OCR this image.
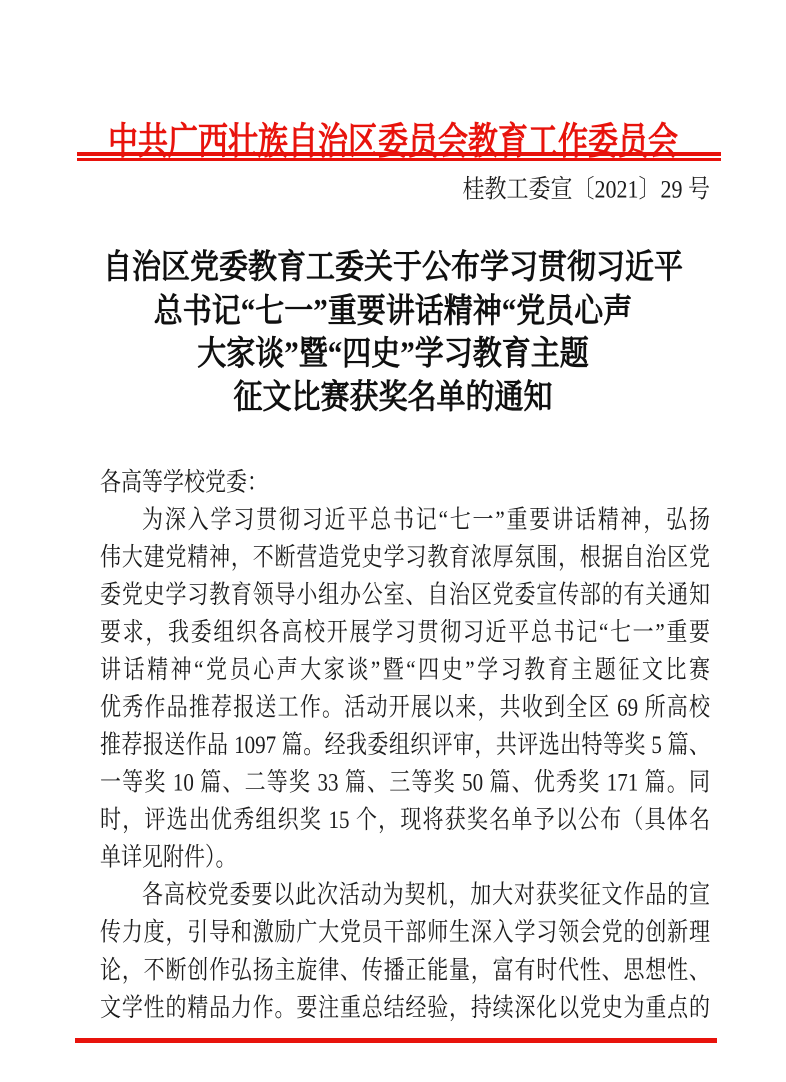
中共广西壮族自治区委员会教育工作委员会
桂教工委宣〔2021〕29 号
自治区党委教育工委关于公布学习贯彻习近平
总书记“七一”重要讲话精神“党员心声
大家谈”暨“四史”学习教育主题
征文比赛获奖名单的通知
各高等学校党委：
为深入学习贯彻习近平总书记“七一”重要讲话精神，弘扬
伟大建党精神，不断营造党史学习教育浓厚氛围，根据自治区党
委党史学习教育领导小组办公室、自治区党委宣传部的有关通知
要求，我委组织各高校开展学习贯彻习近平总书记“七一”重要
讲话精神“党员心声大家谈”暨“四史”学习教育主题征文比赛
优秀作品推荐报送工作。活动开展以来，共收到全区 69 所高校
推荐报送作品 1097 篇。经我委组织评审，共评选出特等奖 5 篇、
一等奖 10 篇、二等奖 33 篇、三等奖 50 篇、优秀奖 171 篇。同
时，评选出优秀组织奖 15 个，现将获奖名单予以公布（具体名
单详见附件）。
各高校党委要以此次活动为契机，加大对获奖征文作品的宣
传力度，引导和激励广大党员干部师生深入学习领会党的创新理
论，不断创作弘扬主旋律、传播正能量，富有时代性、思想性、
文学性的精品力作。要注重总结经验，持续深化以党史为重点的
